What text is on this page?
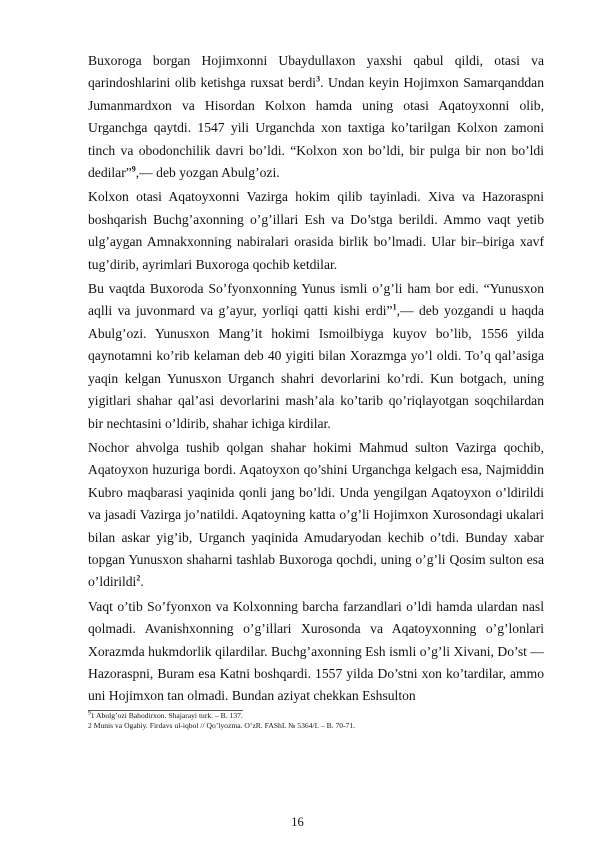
Buxoroga borgan Hojimxonni Ubaydullaxon yaxshi qabul qildi, otasi va qarindoshlarini olib ketishga ruxsat berdi$^3$. Undan keyin Hojimxon Samarqanddan Jumanmardxon va Hisordan Kolxon hamda uning otasi Aqatoyxonni olib, Urganchga qaytdi. 1547 yili Urganchda xon taxtiga ko’tarilgan Kolxon zamoni tinch va obodonchilik davri bo’ldi. “Kolxon xon bo’ldi, bir pulga bir non bo’ldi dedilar”$^9$,— deb yozgan Abulg’ozi.

Kolxon otasi Aqatoyxonni Vazirga hokim qilib tayinladi. Xiva va Hazoraspni boshqarish Buchg’axonning o’g’illari Esh va Do’stga berildi. Ammo vaqt yetib ulg’aygan Amnakxonning nabiralari orasida birlik bo’lmadi. Ular bir–biriga xavf tug’dirib, ayrimlari Buxoroga qochib ketdilar.

Bu vaqtda Buxoroda So’fyonxonning Yunus ismli o’g’li ham bor edi. “Yunusxon aqlli va juvonmard va g’ayur, yorliqi qatti kishi erdi”$^1$,— deb yozgandi u haqda Abulg’ozi. Yunusxon Mang’it hokimi Ismoilbiyga kuyov bo’lib, 1556 yilda qaynotamni ko’rib kelaman deb 40 yigiti bilan Xorazmga yo’l oldi. To’q qal’asiga yaqin kelgan Yunusxon Urganch shahri devorlarini ko’rdi. Kun botgach, uning yigitlari shahar qal’asi devorlarini mash’ala ko’tarib qo’riqlayotgan soqchilardan bir nechtasini o’ldirib, shahar ichiga kirdilar.

Nochor ahvolga tushib qolgan shahar hokimi Mahmud sulton Vazirga qochib, Aqatoyxon huzuriga bordi. Aqatoyxon qo’shini Urganchga kelgach esa, Najmiddin Kubro maqbarasi yaqinida qonli jang bo’ldi. Unda yengilgan Aqatoyxon o’ldirildi va jasadi Vazirga jo’natildi. Aqatoyning katta o’g’li Hojimxon Xurosondagi ukalari bilan askar yig’ib, Urganch yaqinida Amudaryodan kechib o’tdi. Bunday xabar topgan Yunusxon shaharni tashlab Buxoroga qochdi, uning o’g’li Qosim sulton esa o’ldirildi$^2$.

Vaqt o’tib So’fyonxon va Kolxonning barcha farzandlari o’ldi hamda ulardan nasl qolmadi. Avanishxonning o’g’illari Xurosonda va Aqatoyxonning o’g’lonlari Xorazmda hukmdorlik qilardilar. Buchg’axonning Esh ismli o’g’li Xivani, Do’st — Hazoraspni, Buram esa Katni boshqardi. 1557 yilda Do’stni xon ko’tardilar, ammo uni Hojimxon tan olmadi. Bundan aziyat chekkan Eshsulton

$^9$1 Abulg’ozi Bahodirxon. Shajarayi turk. – B. 137.

2 Munis va Ogahiy. Firdavs ul-iqbol // Qo’lyozma. O’zR. FAShI. № 5364/I. – B. 70-71.

16
